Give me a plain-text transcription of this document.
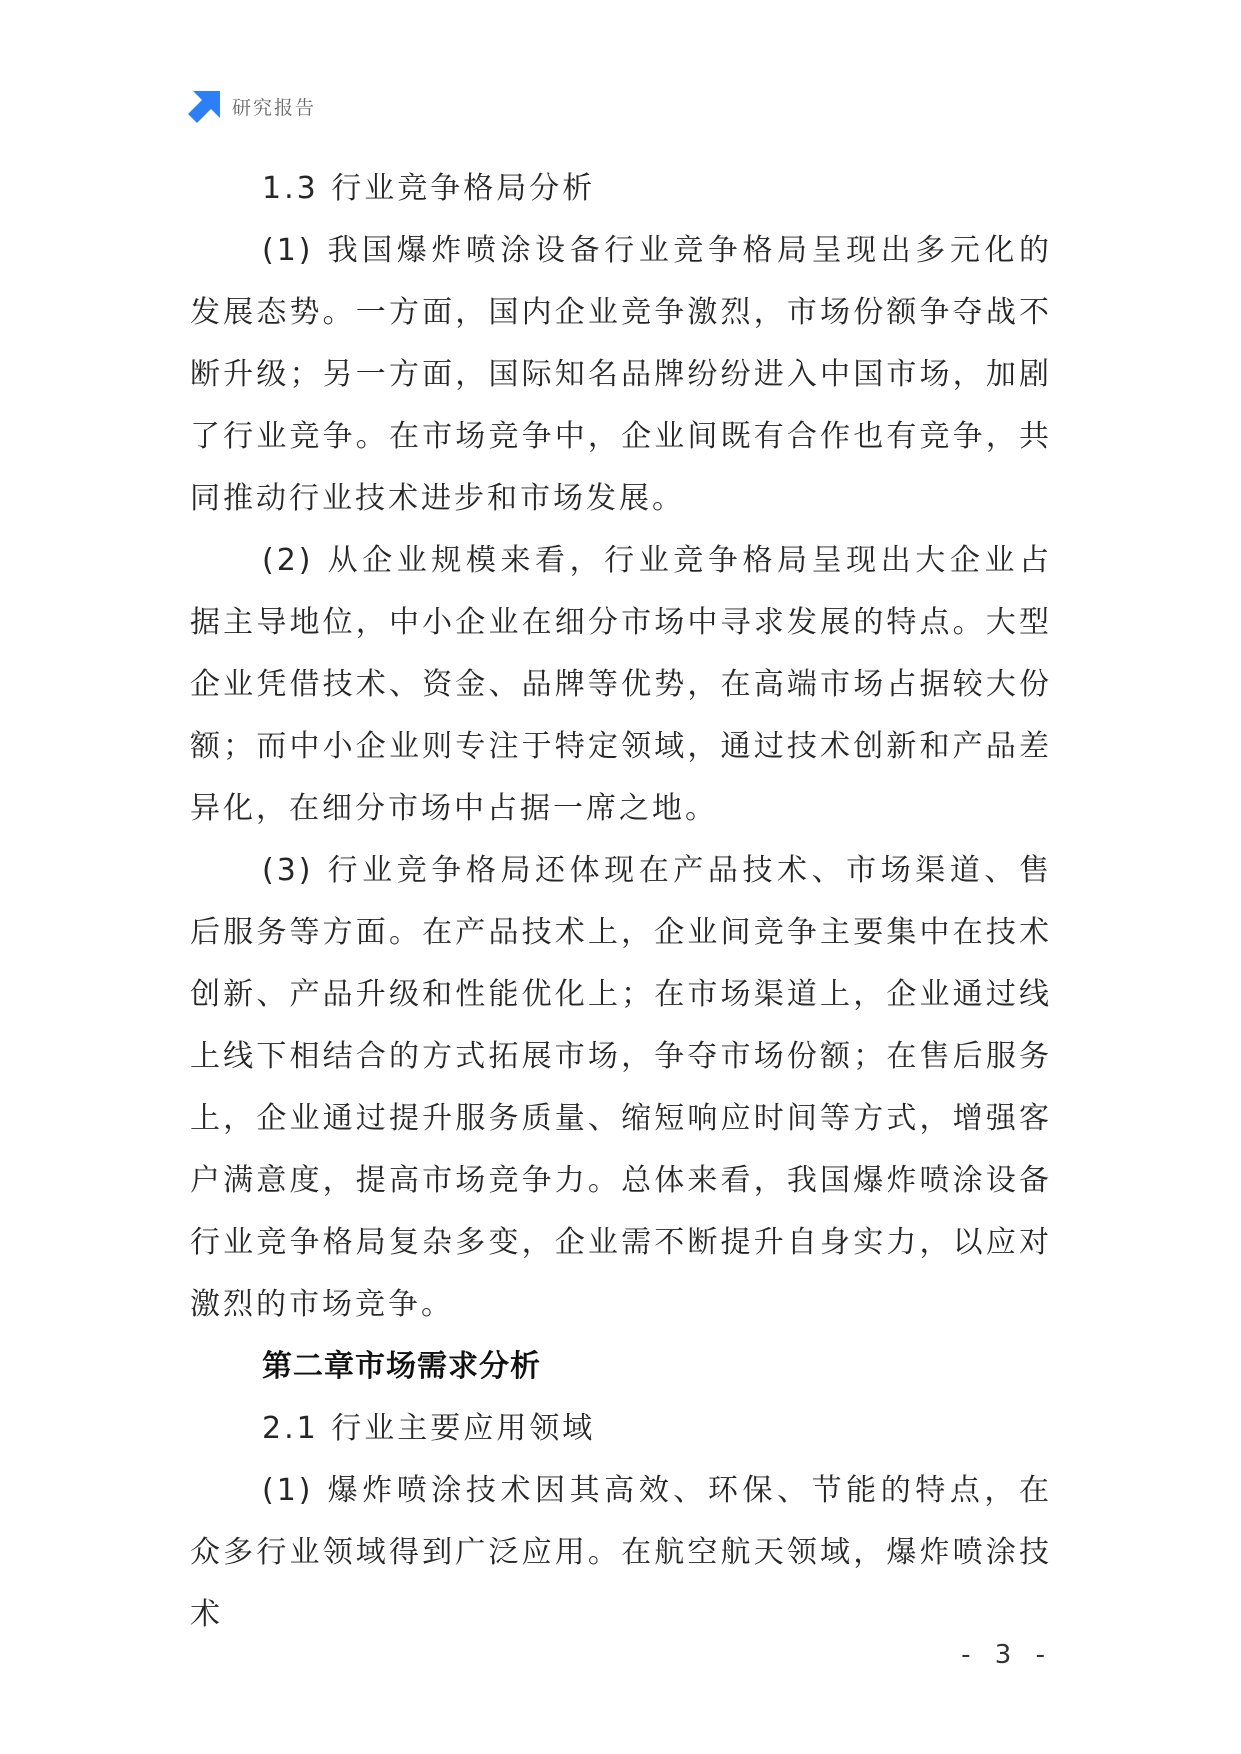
研究报告

1.3 行业竞争格局分析

(1) 我国爆炸喷涂设备行业竞争格局呈现出多元化的发展态势。一方面，国内企业竞争激烈，市场份额争夺战不断升级；另一方面，国际知名品牌纷纷进入中国市场，加剧了行业竞争。在市场竞争中，企业间既有合作也有竞争，共同推动行业技术进步和市场发展。

(2) 从企业规模来看，行业竞争格局呈现出大企业占据主导地位，中小企业在细分市场中寻求发展的特点。大型企业凭借技术、资金、品牌等优势，在高端市场占据较大份额；而中小企业则专注于特定领域，通过技术创新和产品差异化，在细分市场中占据一席之地。

(3) 行业竞争格局还体现在产品技术、市场渠道、售后服务等方面。在产品技术上，企业间竞争主要集中在技术创新、产品升级和性能优化上；在市场渠道上，企业通过线上线下相结合的方式拓展市场，争夺市场份额；在售后服务上，企业通过提升服务质量、缩短响应时间等方式，增强客户满意度，提高市场竞争力。总体来看，我国爆炸喷涂设备行业竞争格局复杂多变，企业需不断提升自身实力，以应对激烈的市场竞争。

第二章市场需求分析

2.1 行业主要应用领域

(1) 爆炸喷涂技术因其高效、环保、节能的特点，在众多行业领域得到广泛应用。在航空航天领域，爆炸喷涂技术

- 3 -
